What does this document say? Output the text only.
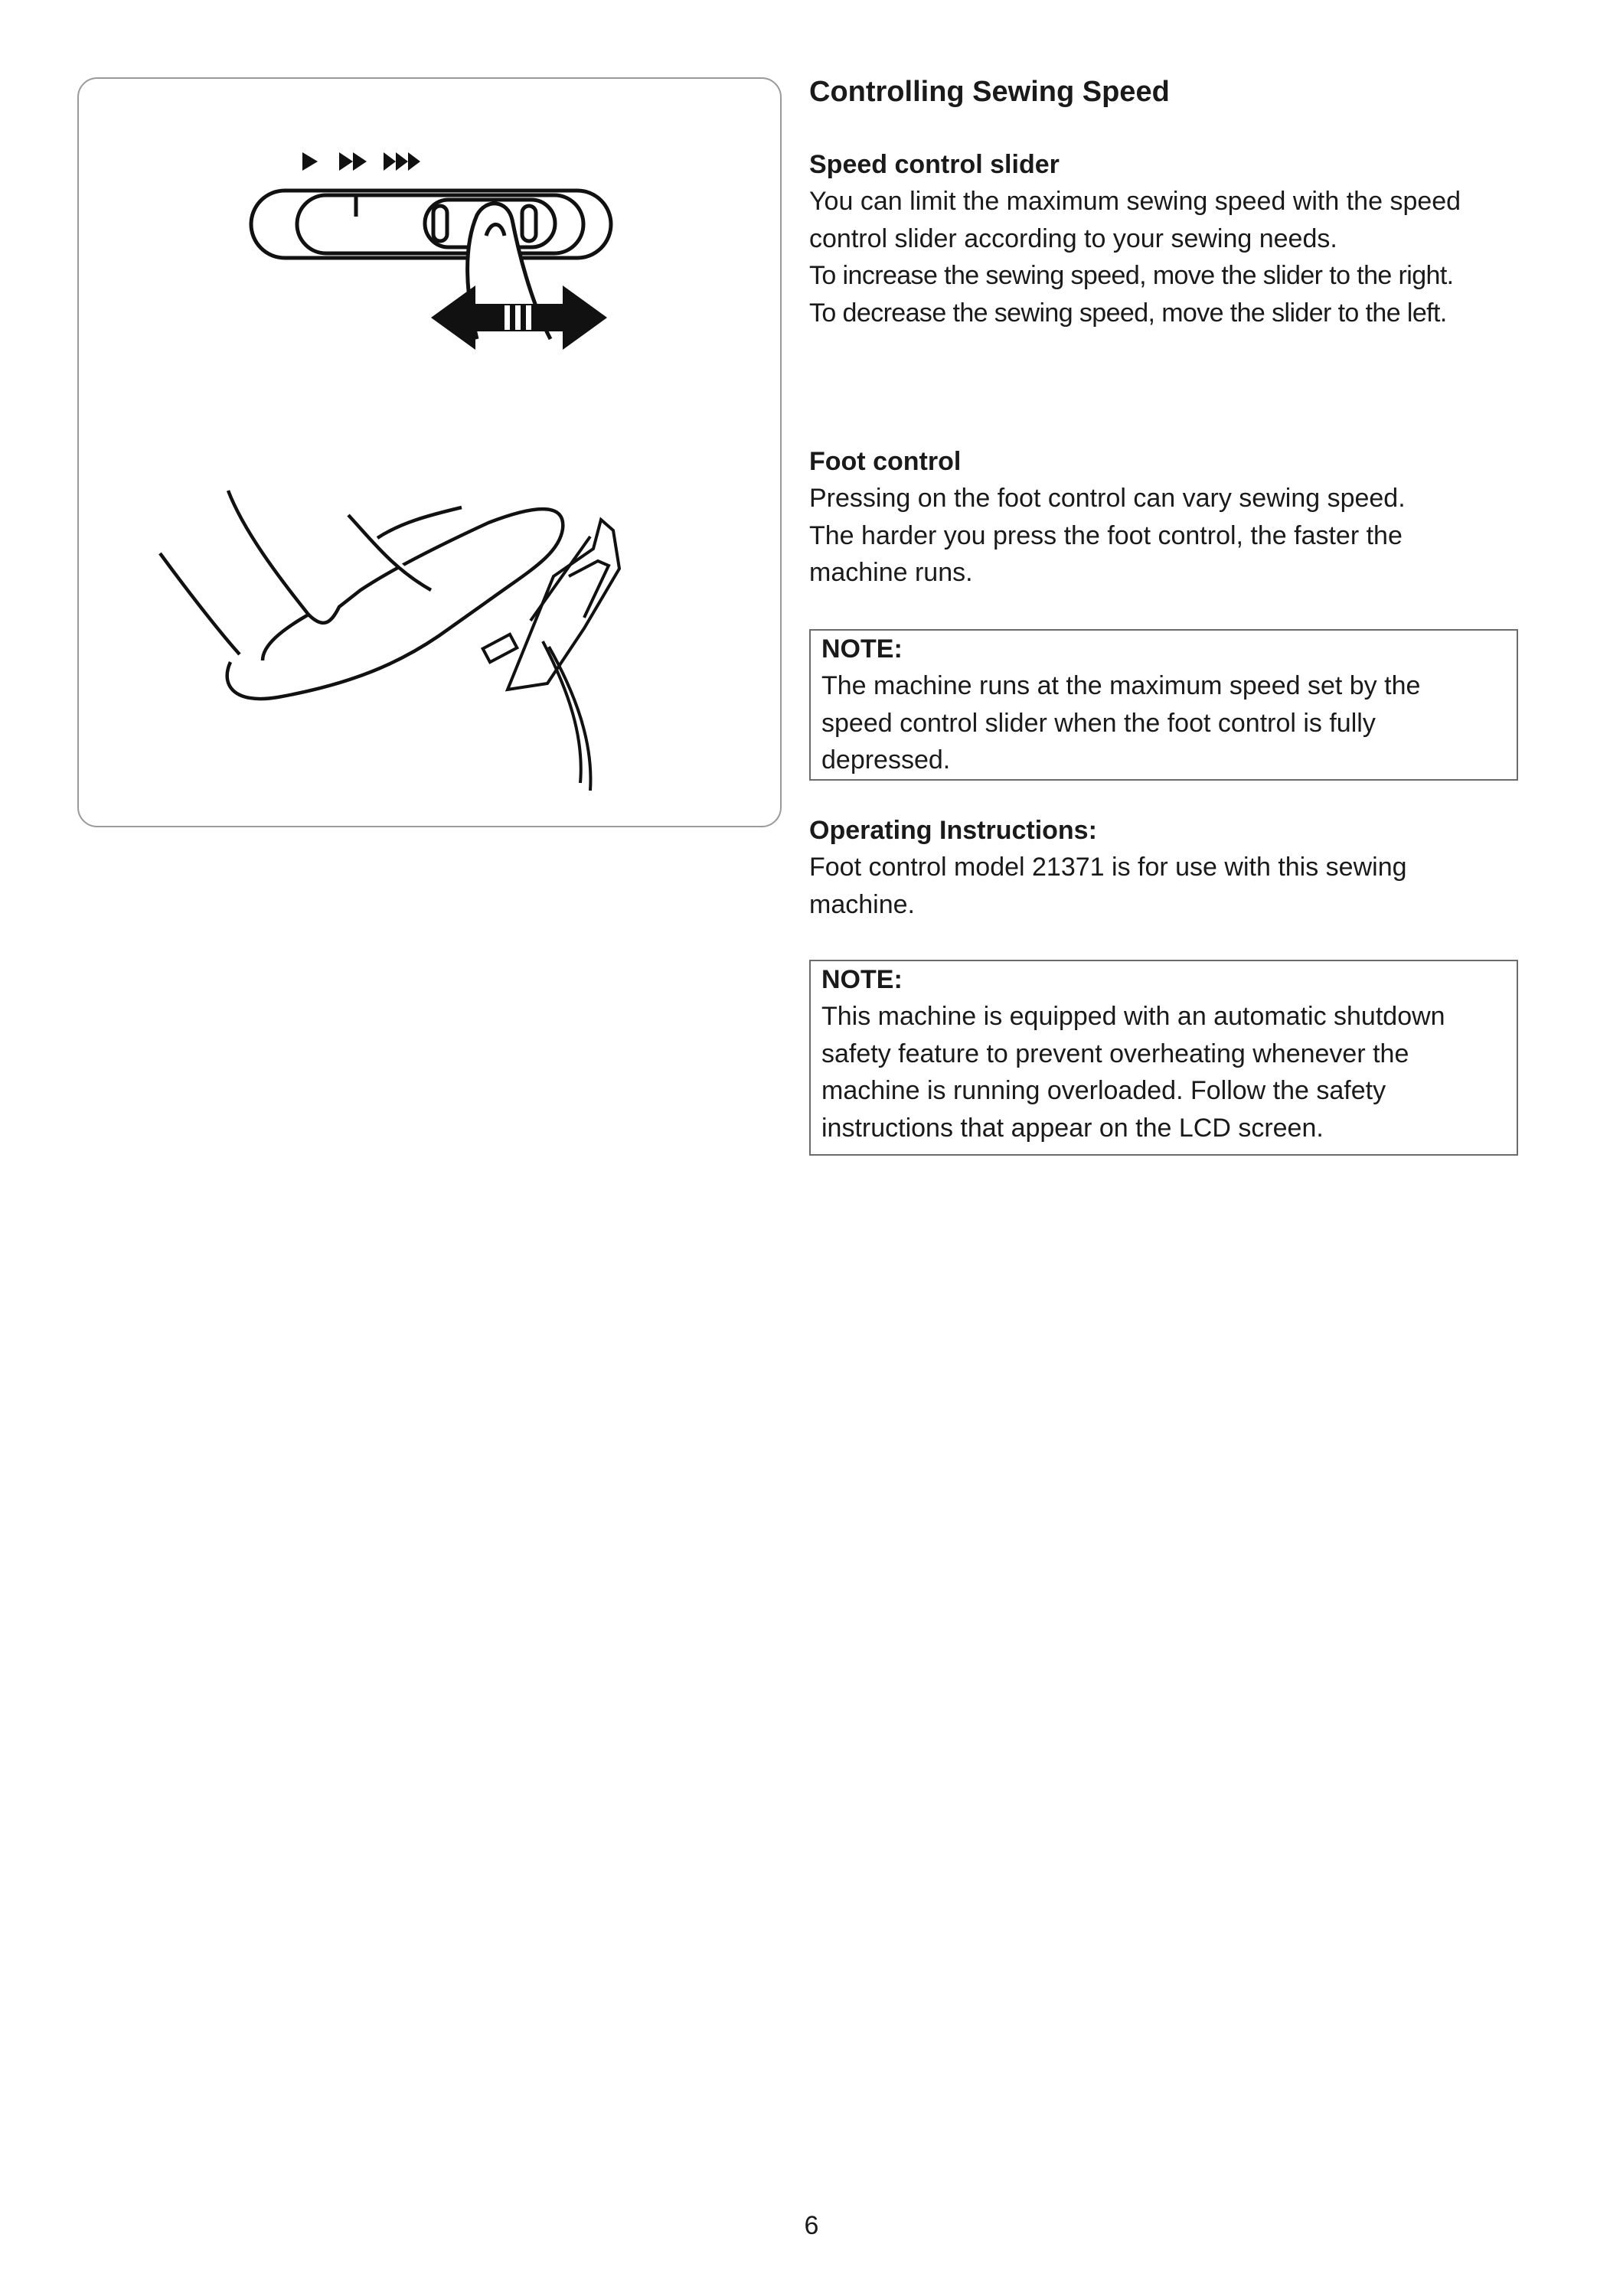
Controlling Sewing Speed
Speed control slider

You can limit the maximum sewing speed with the speed

control slider according to your sewing needs.

To increase the sewing speed, move the slider to the right.

To decrease the sewing speed, move the slider to the left.

Foot control

Pressing on the foot control can vary sewing speed.

The harder you press the foot control, the faster the

machine runs.

NOTE:

The machine runs at the maximum speed set by the

speed control slider when the foot control is fully

depressed.

Operating Instructions:

Foot control model 21371 is for use with this sewing

machine.

NOTE:

This machine is equipped with an automatic shutdown

safety feature to prevent overheating whenever the

machine is running overloaded. Follow the safety

instructions that appear on the LCD screen.

6
